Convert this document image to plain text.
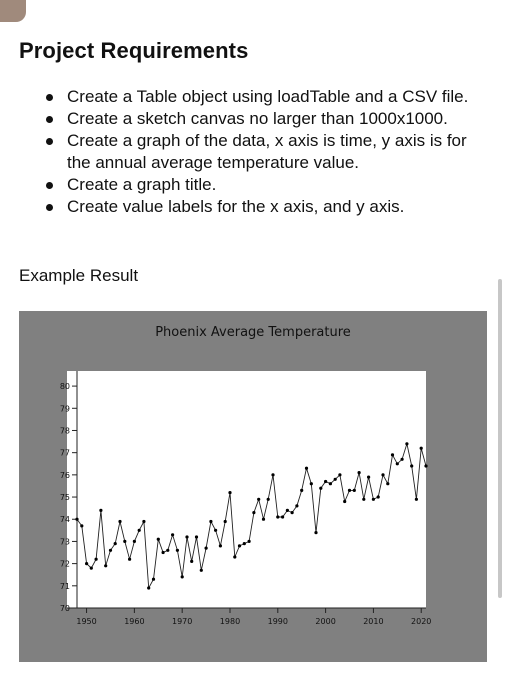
Project Requirements
Create a Table object using loadTable and a CSV file.
Create a sketch canvas no larger than 1000x1000.
Create a graph of the data, x axis is time, y axis is for the annual average temperature value.
Create a graph title.
Create value labels for the x axis, and y axis.
Example Result
Phoenix Average Temperature
70
71
72
73
74
75
76
77
78
79
80
1950	1960	1970	1980	1990	2000	2010	2020
